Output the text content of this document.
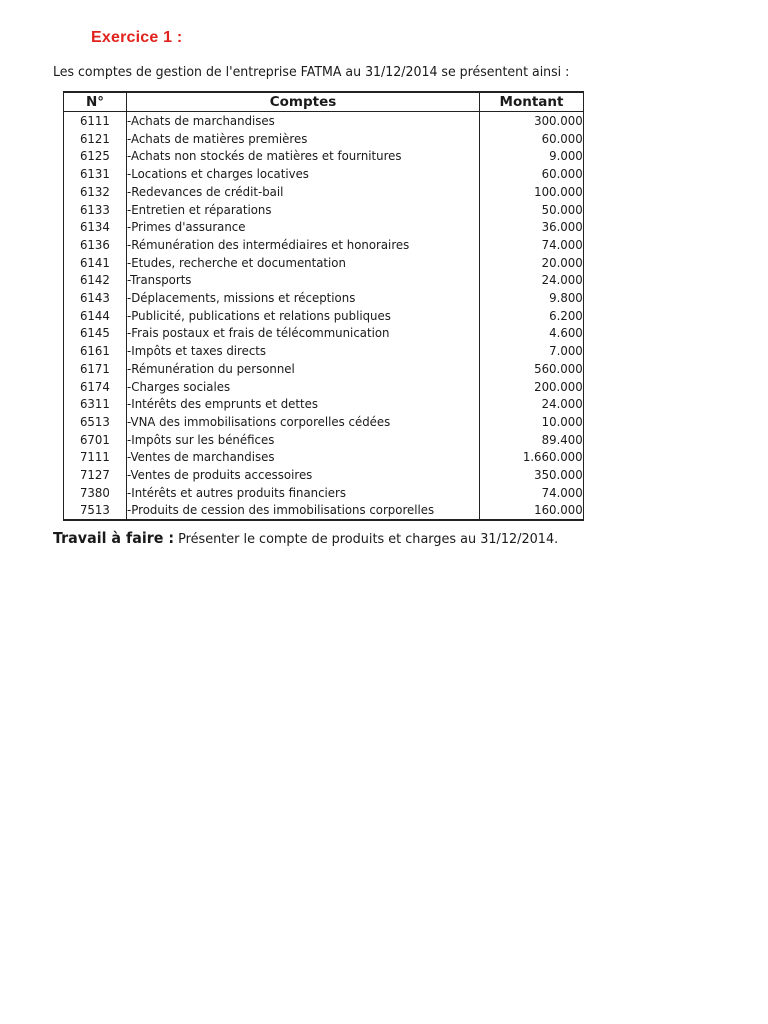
Exercice 1 :
Les comptes de gestion de l'entreprise FATMA au 31/12/2014 se présentent ainsi :
N°	Comptes	Montant
6111	-Achats de marchandises	300.000
6121	-Achats de matières premières	60.000
6125	-Achats non stockés de matières et fournitures	9.000
6131	-Locations et charges locatives	60.000
6132	-Redevances de crédit-bail	100.000
6133	-Entretien et réparations	50.000
6134	-Primes d'assurance	36.000
6136	-Rémunération des intermédiaires et honoraires	74.000
6141	-Etudes, recherche et documentation	20.000
6142	-Transports	24.000
6143	-Déplacements, missions et réceptions	9.800
6144	-Publicité, publications et relations publiques	6.200
6145	-Frais postaux et frais de télécommunication	4.600
6161	-Impôts et taxes directs	7.000
6171	-Rémunération du personnel	560.000
6174	-Charges sociales	200.000
6311	-Intérêts des emprunts et dettes	24.000
6513	-VNA des immobilisations corporelles cédées	10.000
6701	-Impôts sur les bénéfices	89.400
7111	-Ventes de marchandises	1.660.000
7127	-Ventes de produits accessoires	350.000
7380	-Intérêts et autres produits financiers	74.000
7513	-Produits de cession des immobilisations corporelles	160.000
Travail à faire : Présenter le compte de produits et charges au 31/12/2014.
